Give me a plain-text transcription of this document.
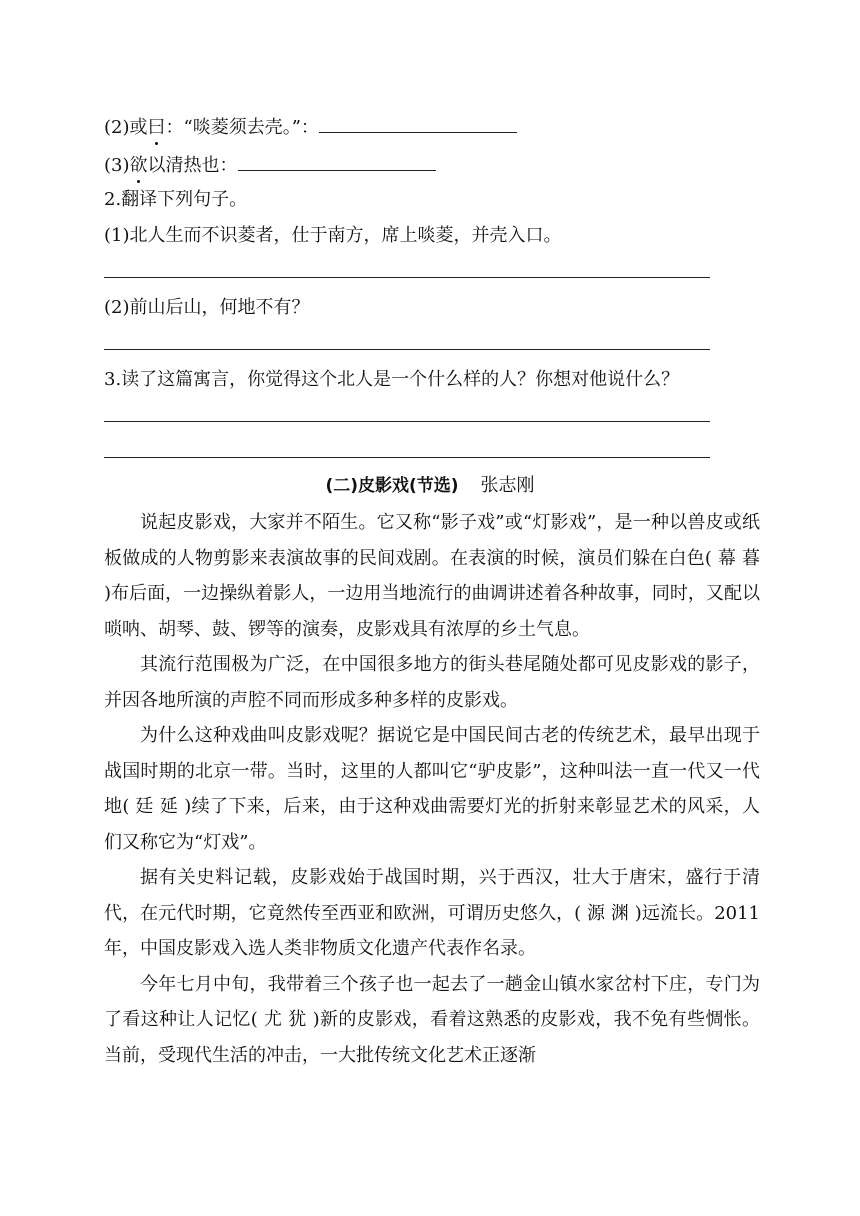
(2)或曰：“啖菱须去壳。”：
(3)欲以清热也：
2.翻译下列句子。
(1)北人生而不识菱者，仕于南方，席上啖菱，并壳入口。
(2)前山后山，何地不有？
3.读了这篇寓言，你觉得这个北人是一个什么样的人？你想对他说什么？
(二)皮影戏(节选) 张志刚

说起皮影戏，大家并不陌生。它又称“影子戏”或“灯影戏”，是一种以兽皮或纸板做成的人物剪影来表演故事的民间戏剧。在表演的时候，演员们躲在白色( 幕 暮 )布后面，一边操纵着影人，一边用当地流行的曲调讲述着各种故事，同时，又配以唢呐、胡琴、鼓、锣等的演奏，皮影戏具有浓厚的乡土气息。

其流行范围极为广泛，在中国很多地方的街头巷尾随处都可见皮影戏的影子，并因各地所演的声腔不同而形成多种多样的皮影戏。

为什么这种戏曲叫皮影戏呢？据说它是中国民间古老的传统艺术，最早出现于战国时期的北京一带。当时，这里的人都叫它“驴皮影”，这种叫法一直一代又一代地( 廷 延 )续了下来，后来，由于这种戏曲需要灯光的折射来彰显艺术的风采，人们又称它为“灯戏”。

据有关史料记载，皮影戏始于战国时期，兴于西汉，壮大于唐宋，盛行于清代，在元代时期，它竟然传至西亚和欧洲，可谓历史悠久，( 源 渊 )远流长。2011年，中国皮影戏入选人类非物质文化遗产代表作名录。

今年七月中旬，我带着三个孩子也一起去了一趟金山镇水家岔村下庄，专门为了看这种让人记忆( 尤 犹 )新的皮影戏，看着这熟悉的皮影戏，我不免有些惆怅。当前，受现代生活的冲击，一大批传统文化艺术正逐渐
